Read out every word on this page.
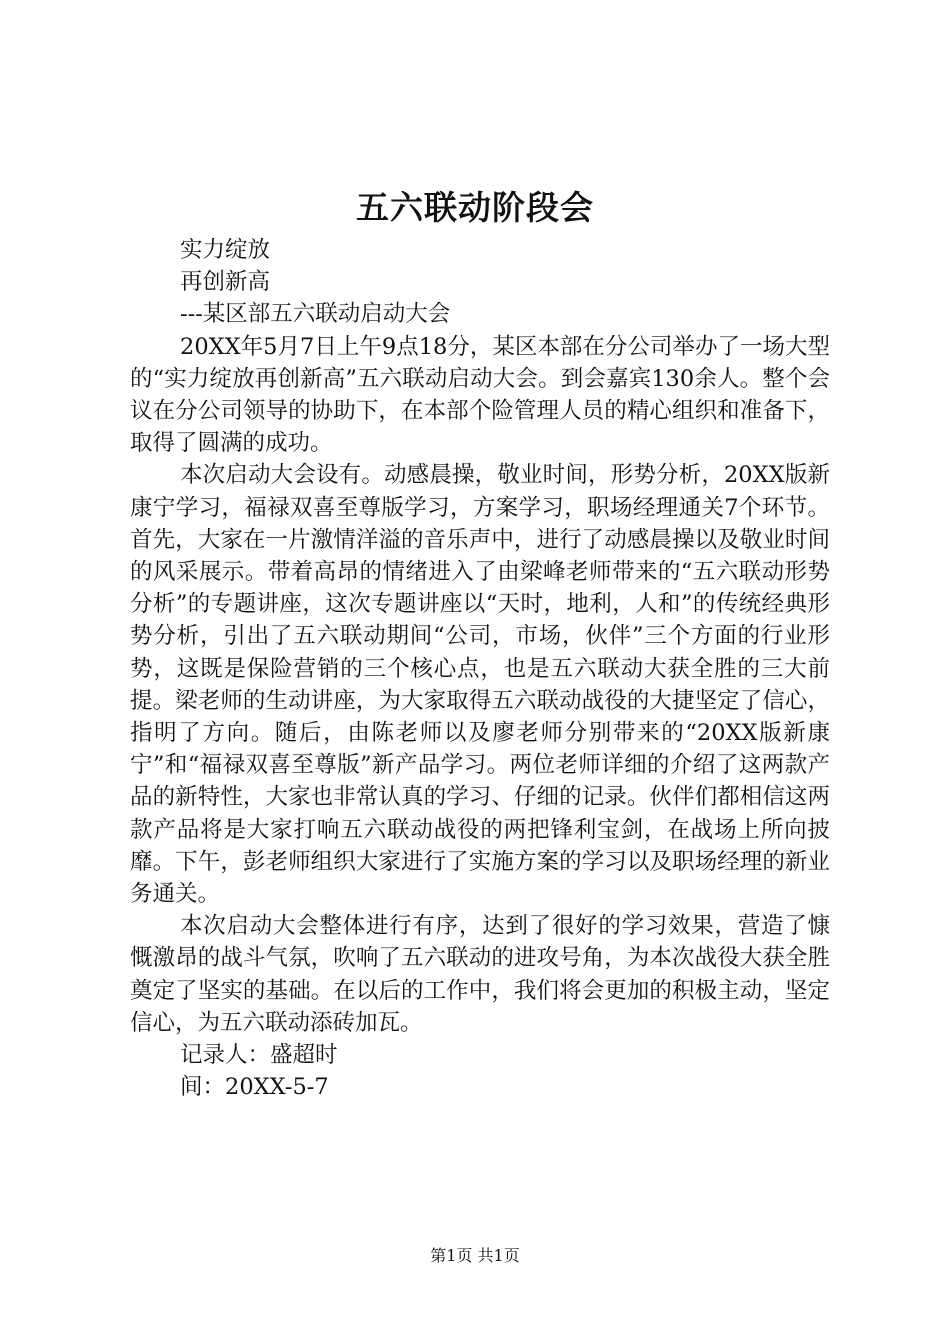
五六联动阶段会
实力绽放
再创新高
---某区部五六联动启动大会

20XX年5月7日上午9点18分，某区本部在分公司举办了一场大型的“实力绽放再创新高”五六联动启动大会。到会嘉宾130余人。整个会议在分公司领导的协助下，在本部个险管理人员的精心组织和准备下，取得了圆满的成功。

本次启动大会设有。动感晨操，敬业时间，形势分析，20XX版新康宁学习，福禄双喜至尊版学习，方案学习，职场经理通关7个环节。首先，大家在一片激情洋溢的音乐声中，进行了动感晨操以及敬业时间的风采展示。带着高昂的情绪进入了由梁峰老师带来的“五六联动形势分析”的专题讲座，这次专题讲座以“天时，地利，人和”的传统经典形势分析，引出了五六联动期间“公司，市场，伙伴”三个方面的行业形势，这既是保险营销的三个核心点，也是五六联动大获全胜的三大前提。梁老师的生动讲座，为大家取得五六联动战役的大捷坚定了信心，指明了方向。随后，由陈老师以及廖老师分别带来的“20XX版新康宁”和“福禄双喜至尊版”新产品学习。两位老师详细的介绍了这两款产品的新特性，大家也非常认真的学习、仔细的记录。伙伴们都相信这两款产品将是大家打响五六联动战役的两把锋利宝剑，在战场上所向披靡。下午，彭老师组织大家进行了实施方案的学习以及职场经理的新业务通关。

本次启动大会整体进行有序，达到了很好的学习效果，营造了慷慨激昂的战斗气氛，吹响了五六联动的进攻号角，为本次战役大获全胜奠定了坚实的基础。在以后的工作中，我们将会更加的积极主动，坚定信心，为五六联动添砖加瓦。

记录人：盛超时
间：20XX-5-7
第1页 共1页
